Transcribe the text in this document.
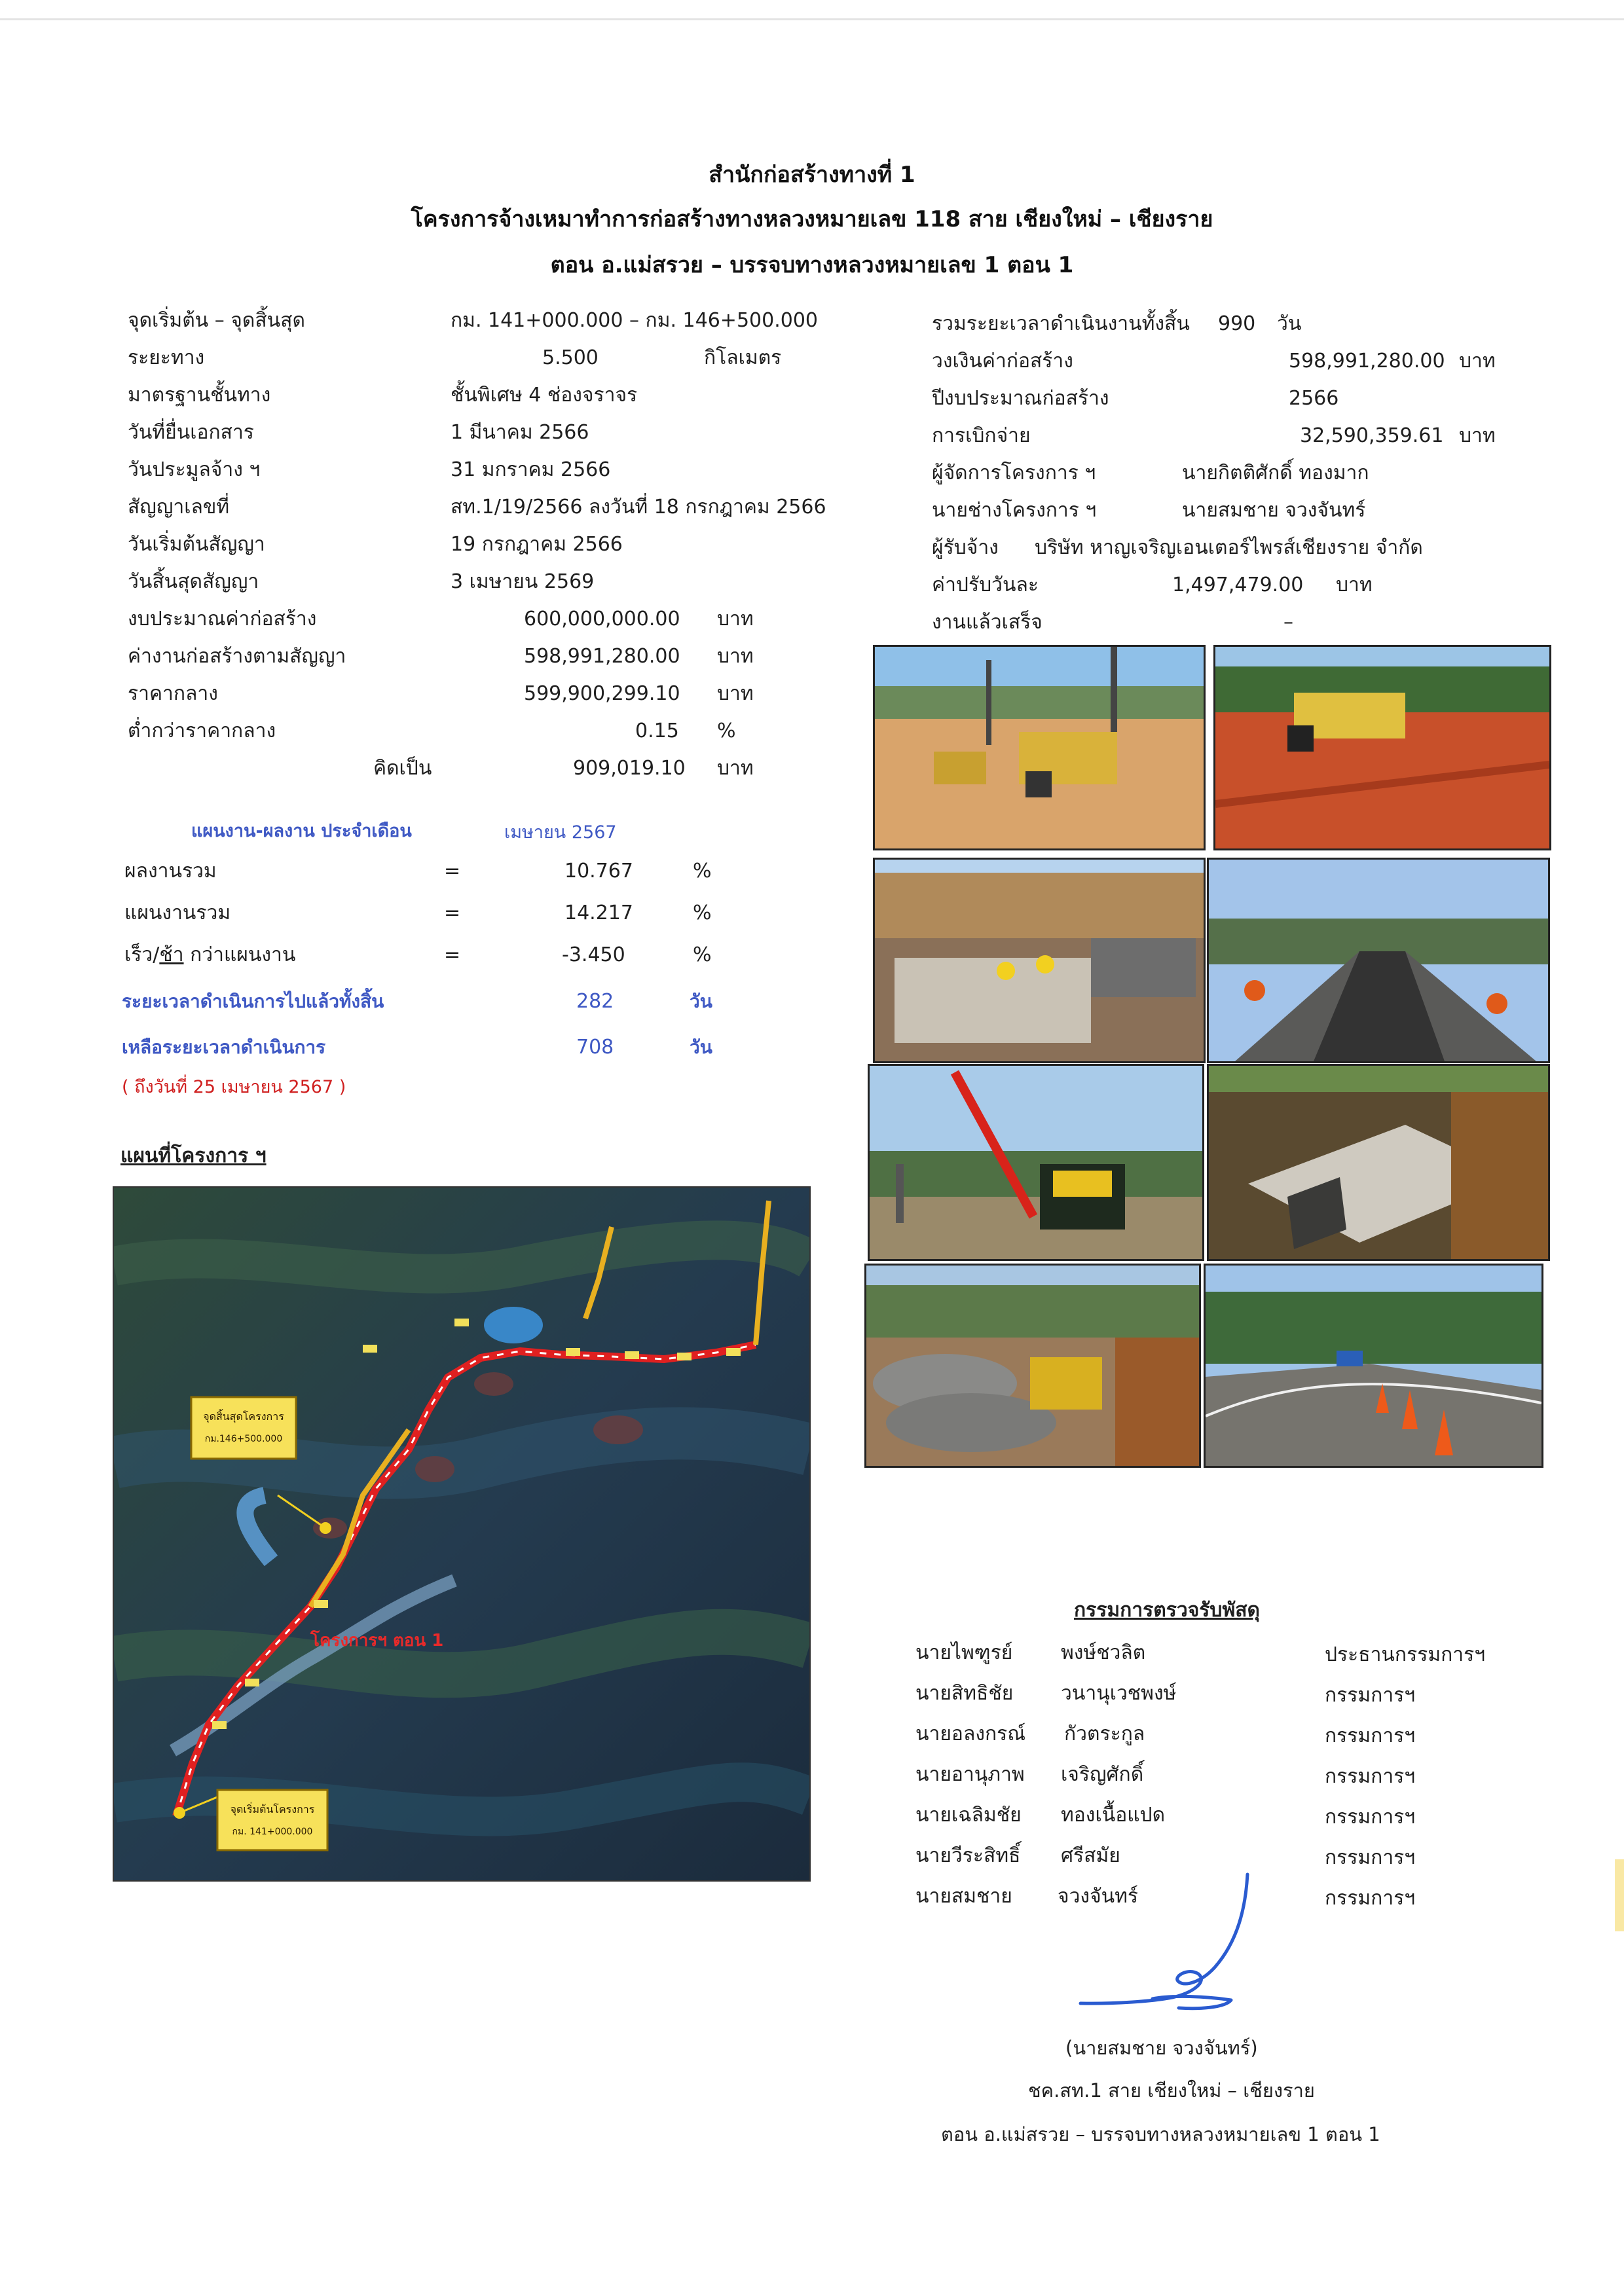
สำนักก่อสร้างทางที่ 1
โครงการจ้างเหมาทำการก่อสร้างทางหลวงหมายเลข 118 สาย เชียงใหม่ – เชียงราย
ตอน อ.แม่สรวย – บรรจบทางหลวงหมายเลข 1 ตอน 1
จุดเริ่มต้น – จุดสิ้นสุด	กม. 141+000.000 – กม. 146+500.000
ระยะทาง	5.500	กิโลเมตร
มาตรฐานชั้นทาง	ชั้นพิเศษ 4 ช่องจราจร
วันที่ยื่นเอกสาร	1 มีนาคม 2566
วันประมูลจ้าง ฯ	31 มกราคม 2566
สัญญาเลขที่	สท.1/19/2566 ลงวันที่ 18 กรกฎาคม 2566
วันเริ่มต้นสัญญา	19 กรกฎาคม 2566
วันสิ้นสุดสัญญา	3 เมษายน 2569
งบประมาณค่าก่อสร้าง	600,000,000.00 บาท
ค่างานก่อสร้างตามสัญญา	598,991,280.00 บาท
ราคากลาง	599,900,299.10 บาท
ต่ำกว่าราคากลาง	0.15 %
คิดเป็น	909,019.10 บาท
รวมระยะเวลาดำเนินงานทั้งสิ้น 990 วัน
วงเงินค่าก่อสร้าง	598,991,280.00 บาท
ปีงบประมาณก่อสร้าง	2566
การเบิกจ่าย	32,590,359.61 บาท
ผู้จัดการโครงการ ฯ	นายกิตติศักดิ์ ทองมาก
นายช่างโครงการ ฯ	นายสมชาย จวงจันทร์
ผู้รับจ้าง บริษัท หาญเจริญเอนเตอร์ไพรส์เชียงราย จำกัด
ค่าปรับวันละ	1,497,479.00 บาท
งานแล้วเสร็จ	–
แผนงาน-ผลงาน ประจำเดือน	เมษายน 2567
ผลงานรวม	=	10.767	%
แผนงานรวม	=	14.217	%
เร็ว/ช้า กว่าแผนงาน	=	-3.450	%
ระยะเวลาดำเนินการไปแล้วทั้งสิ้น	282	วัน
เหลือระยะเวลาดำเนินการ	708	วัน
( ถึงวันที่ 25 เมษายน 2567 )
แผนที่โครงการ ฯ
จุดสิ้นสุดโครงการ
กม.146+500.000
จุดเริ่มต้นโครงการ
กม. 141+000.000
โครงการฯ ตอน 1
กรรมการตรวจรับพัสดุ
นายไพฑูรย์ พงษ์ชวลิต	ประธานกรรมการฯ
นายสิทธิชัย วนานุเวชพงษ์	กรรมการฯ
นายอลงกรณ์ กัวตระกูล	กรรมการฯ
นายอานุภาพ เจริญศักดิ์	กรรมการฯ
นายเฉลิมชัย ทองเนื้อแปด	กรรมการฯ
นายวีระสิทธิ์ ศรีสมัย	กรรมการฯ
นายสมชาย จวงจันทร์	กรรมการฯ
(นายสมชาย จวงจันทร์)
ชค.สท.1 สาย เชียงใหม่ – เชียงราย
ตอน อ.แม่สรวย – บรรจบทางหลวงหมายเลข 1 ตอน 1
